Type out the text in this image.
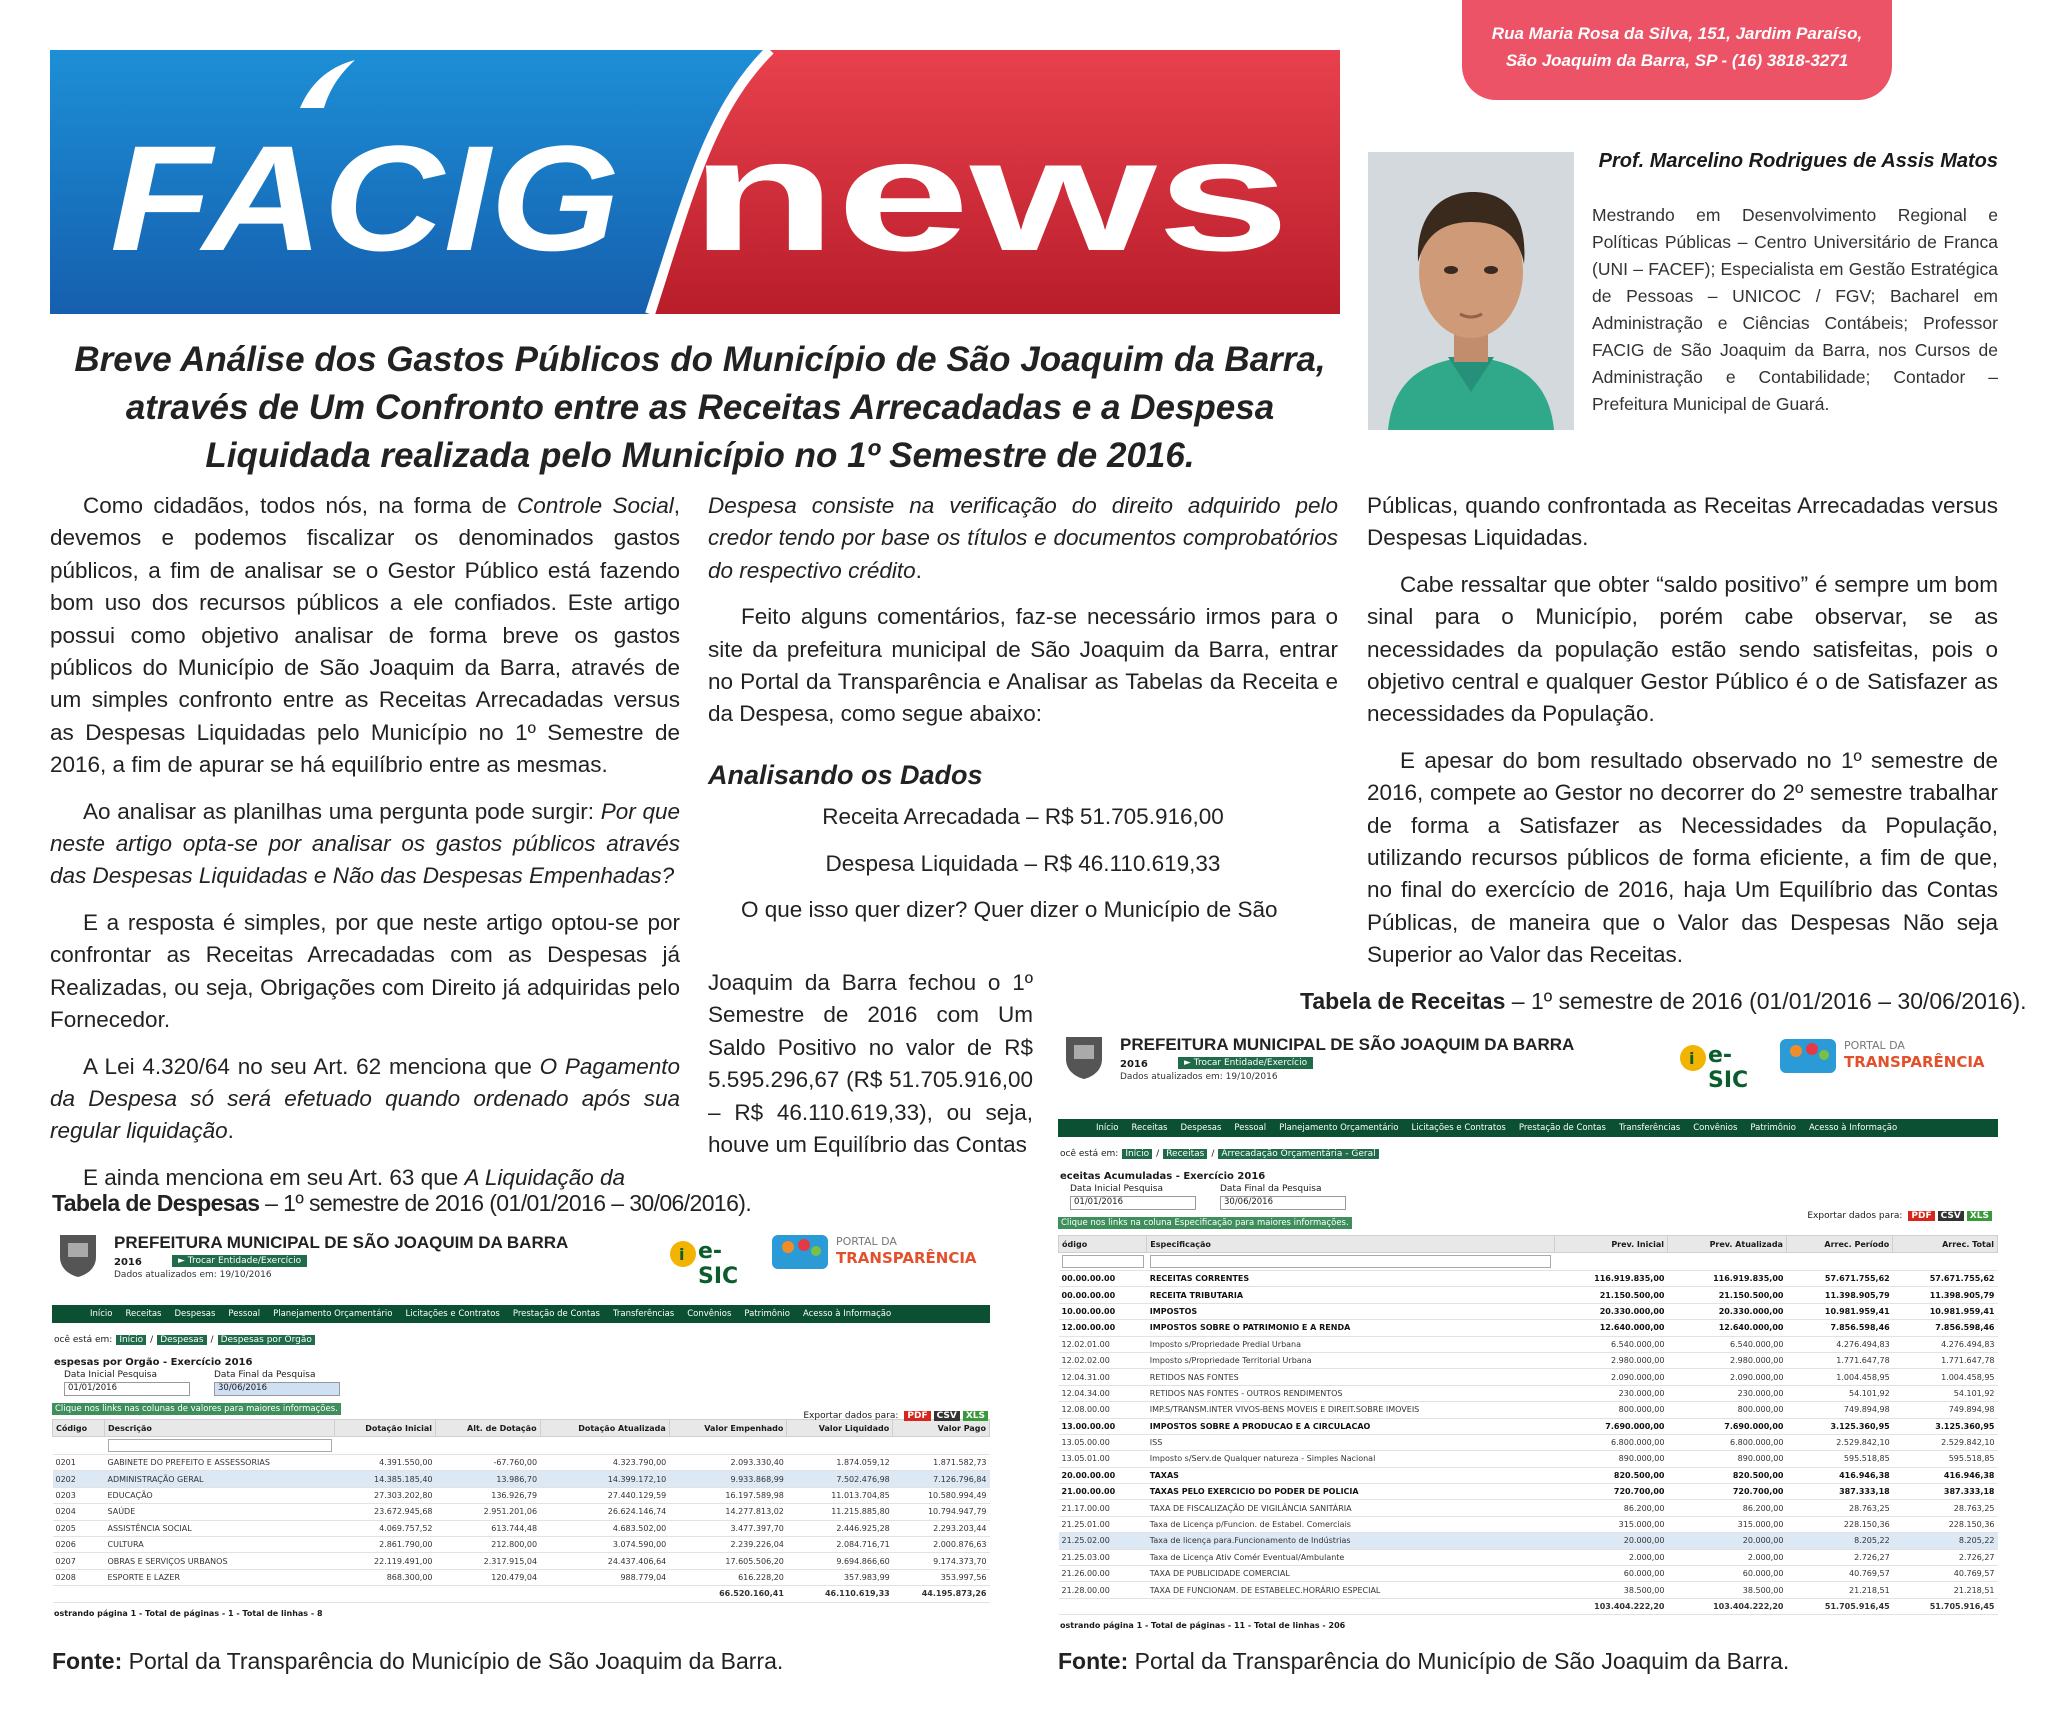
Rua Maria Rosa da Silva, 151, Jardim Paraíso,
São Joaquim da Barra, SP - (16) 3818-3271
FACIG news	Prof. Marcelino Rodrigues de Assis Matos
Mestrando em Desenvolvimento Regional e Políticas Públicas – Centro Universitário de Franca (UNI – FACEF); Especialista em Gestão Estratégica de Pessoas – UNICOC / FGV; Bacharel em Administração e Ciências Contábeis; Professor FACIG de São Joaquim da Barra, nos Cursos de Administração e Contabilidade; Contador – Prefeitura Municipal de Guará.
Breve Análise dos Gastos Públicos do Município de São Joaquim da Barra,
através de Um Confronto entre as Receitas Arrecadadas e a Despesa
Liquidada realizada pelo Município no 1º Semestre de 2016.

Como cidadãos, todos nós, na forma de Controle Social, devemos e podemos fiscalizar os denominados gastos públicos, a fim de analisar se o Gestor Público está fazendo bom uso dos recursos públicos a ele confiados. Este artigo possui como objetivo analisar de forma breve os gastos públicos do Município de São Joaquim da Barra, através de um simples confronto entre as Receitas Arrecadadas versus as Despesas Liquidadas pelo Município no 1º Semestre de 2016, a fim de apurar se há equilíbrio entre as mesmas.

Ao analisar as planilhas uma pergunta pode surgir: Por que neste artigo opta-se por analisar os gastos públicos através das Despesas Liquidadas e Não das Despesas Empenhadas?

E a resposta é simples, por que neste artigo optou-se por confrontar as Receitas Arrecadadas com as Despesas já Realizadas, ou seja, Obrigações com Direito já adquiridas pelo Fornecedor.

A Lei 4.320/64 no seu Art. 62 menciona que O Pagamento da Despesa só será efetuado quando ordenado após sua regular liquidação.

E ainda menciona em seu Art. 63 que A Liquidação da

Despesa consiste na verificação do direito adquirido pelo credor tendo por base os títulos e documentos comprobatórios do respectivo crédito.

Feito alguns comentários, faz-se necessário irmos para o site da prefeitura municipal de São Joaquim da Barra, entrar no Portal da Transparência e Analisar as Tabelas da Receita e da Despesa, como segue abaixo:

Analisando os Dados

Receita Arrecadada – R$ 51.705.916,00

Despesa Liquidada – R$ 46.110.619,33

O que isso quer dizer? Quer dizer o Município de São

Joaquim da Barra fechou o 1º Semestre de 2016 com Um Saldo Positivo no valor de R$ 5.595.296,67 (R$ 51.705.916,00 – R$ 46.110.619,33), ou seja, houve um Equilíbrio das Contas

Públicas, quando confrontada as Receitas Arrecadadas versus Despesas Liquidadas.

Cabe ressaltar que obter “saldo positivo” é sempre um bom sinal para o Município, porém cabe observar, se as necessidades da população estão sendo satisfeitas, pois o objetivo central e qualquer Gestor Público é o de Satisfazer as necessidades da População.

E apesar do bom resultado observado no 1º semestre de 2016, compete ao Gestor no decorrer do 2º semestre trabalhar de forma a Satisfazer as Necessidades da População, utilizando recursos públicos de forma eficiente, a fim de que, no final do exercício de 2016, haja Um Equilíbrio das Contas Públicas, de maneira que o Valor das Despesas Não seja Superior ao Valor das Receitas.

Tabela de Receitas – 1º semestre de 2016 (01/01/2016 – 30/06/2016).
Tabela de Despesas – 1º semestre de 2016 (01/01/2016 – 30/06/2016).
Fonte: Portal da Transparência do Município de São Joaquim da Barra.	Fonte: Portal da Transparência do Município de São Joaquim da Barra.
PREFEITURA MUNICIPAL DE SÃO JOAQUIM DA BARRA
2016	► Trocar Entidade/Exercício
Dados atualizados em: 19/10/2016
i e-SIC
PORTAL DA
TRANSPARÊNCIA
Início Receitas Despesas Pessoal Planejamento Orçamentário Licitações e Contratos Prestação de Contas Transferências Convênios Patrimônio Acesso à Informação
ocê está em: Início / Receitas / Arrecadação Orçamentária - Geral
eceitas Acumuladas - Exercício 2016
Data Inicial Pesquisa
01/01/2016
Data Final da Pesquisa
30/06/2016
Clique nos links na coluna Especificação para maiores informações.
Exportar dados para:	PDF	CSV	XLS
ódigo	Especificação	Prev. Inicial	Prev. Atualizada	Arrec. Período	Arrec. Total

00.00.00.00	RECEITAS CORRENTES	116.919.835,00	116.919.835,00	57.671.755,62	57.671.755,62
00.00.00.00	RECEITA TRIBUTARIA	21.150.500,00	21.150.500,00	11.398.905,79	11.398.905,79
10.00.00.00	IMPOSTOS	20.330.000,00	20.330.000,00	10.981.959,41	10.981.959,41
12.00.00.00	IMPOSTOS SOBRE O PATRIMONIO E A RENDA	12.640.000,00	12.640.000,00	7.856.598,46	7.856.598,46
12.02.01.00	Imposto s/Propriedade Predial Urbana	6.540.000,00	6.540.000,00	4.276.494,83	4.276.494,83
12.02.02.00	Imposto s/Propriedade Territorial Urbana	2.980.000,00	2.980.000,00	1.771.647,78	1.771.647,78
12.04.31.00	RETIDOS NAS FONTES	2.090.000,00	2.090.000,00	1.004.458,95	1.004.458,95
12.04.34.00	RETIDOS NAS FONTES - OUTROS RENDIMENTOS	230.000,00	230.000,00	54.101,92	54.101,92
12.08.00.00	IMP.S/TRANSM.INTER VIVOS-BENS MOVEIS E DIREIT.SOBRE IMOVEIS	800.000,00	800.000,00	749.894,98	749.894,98
13.00.00.00	IMPOSTOS SOBRE A PRODUCAO E A CIRCULACAO	7.690.000,00	7.690.000,00	3.125.360,95	3.125.360,95
13.05.00.00	ISS	6.800.000,00	6.800.000,00	2.529.842,10	2.529.842,10
13.05.01.00	Imposto s/Serv.de Qualquer natureza - Simples Nacional	890.000,00	890.000,00	595.518,85	595.518,85
20.00.00.00	TAXAS	820.500,00	820.500,00	416.946,38	416.946,38
21.00.00.00	TAXAS PELO EXERCICIO DO PODER DE POLICIA	720.700,00	720.700,00	387.333,18	387.333,18
21.17.00.00	TAXA DE FISCALIZAÇÃO DE VIGILÂNCIA SANITÁRIA	86.200,00	86.200,00	28.763,25	28.763,25
21.25.01.00	Taxa de Licença p/Funcion. de Estabel. Comerciais	315.000,00	315.000,00	228.150,36	228.150,36
21.25.02.00	Taxa de licença para.Funcionamento de Indústrias	20.000,00	20.000,00	8.205,22	8.205,22
21.25.03.00	Taxa de Licença Ativ Comér Eventual/Ambulante	2.000,00	2.000,00	2.726,27	2.726,27
21.26.00.00	TAXA DE PUBLICIDADE COMERCIAL	60.000,00	60.000,00	40.769,57	40.769,57
21.28.00.00	TAXA DE FUNCIONAM. DE ESTABELEC.HORÁRIO ESPECIAL	38.500,00	38.500,00	21.218,51	21.218,51
		103.404.222,20	103.404.222,20	51.705.916,45	51.705.916,45
ostrando página 1 - Total de páginas - 11 - Total de linhas - 206
PREFEITURA MUNICIPAL DE SÃO JOAQUIM DA BARRA
2016	► Trocar Entidade/Exercício
Dados atualizados em: 19/10/2016
i e-SIC
PORTAL DA
TRANSPARÊNCIA
Início Receitas Despesas Pessoal Planejamento Orçamentário Licitações e Contratos Prestação de Contas Transferências Convênios Patrimônio Acesso à Informação
ocê está em: Início / Despesas / Despesas por Orgão
espesas por Orgão - Exercício 2016
Data Inicial Pesquisa
01/01/2016
Data Final da Pesquisa
30/06/2016
Clique nos links nas colunas de valores para maiores informações.
Exportar dados para:	PDF	CSV	XLS
Código	Descrição	Dotação Inicial	Alt. de Dotação	Dotação Atualizada	Valor Empenhado	Valor Liquidado	Valor Pago

0201	GABINETE DO PREFEITO E ASSESSORIAS	4.391.550,00	-67.760,00	4.323.790,00	2.093.330,40	1.874.059,12	1.871.582,73
0202	ADMINISTRAÇÃO GERAL	14.385.185,40	13.986,70	14.399.172,10	9.933.868,99	7.502.476,98	7.126.796,84
0203	EDUCAÇÃO	27.303.202,80	136.926,79	27.440.129,59	16.197.589,98	11.013.704,85	10.580.994,49
0204	SAÚDE	23.672.945,68	2.951.201,06	26.624.146,74	14.277.813,02	11.215.885,80	10.794.947,79
0205	ASSISTÊNCIA SOCIAL	4.069.757,52	613.744,48	4.683.502,00	3.477.397,70	2.446.925,28	2.293.203,44
0206	CULTURA	2.861.790,00	212.800,00	3.074.590,00	2.239.226,04	2.084.716,71	2.000.876,63
0207	OBRAS E SERVIÇOS URBANOS	22.119.491,00	2.317.915,04	24.437.406,64	17.605.506,20	9.694.866,60	9.174.373,70
0208	ESPORTE E LAZER	868.300,00	120.479,04	988.779,04	616.228,20	357.983,99	353.997,56
					66.520.160,41	46.110.619,33	44.195.873,26
ostrando página 1 - Total de páginas - 1 - Total de linhas - 8
